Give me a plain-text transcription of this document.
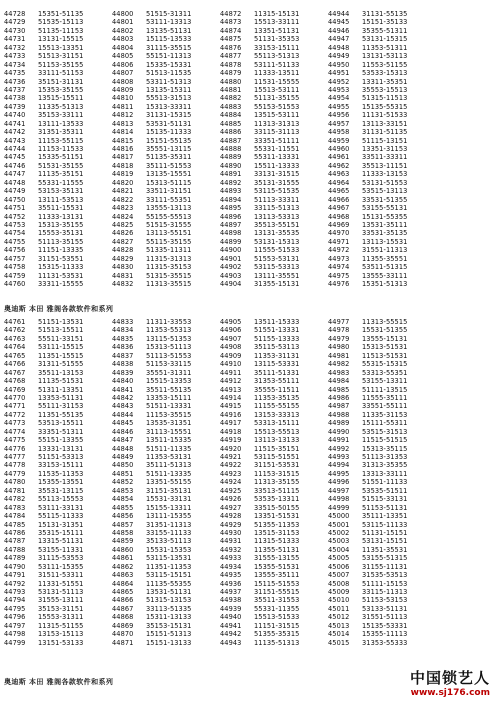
44728
44729
44730
44731
44732
44733
44734
44735
44736
44737
44738
44739
44740
44741
44742
44743
44744
44745
44746
44747
44748
44749
44750
44751
44752
44753
44754
44755
44756
44757
44758
44759
44760
15351-51135
51535-15113
51135-11153
13131-15515
15513-13351
51513-31151
51153-35155
33111-51153
35151-31131
15353-35155
13515-15511
11335-51313
35153-33111
13111-13533
31351-35311
11153-55115
11153-11533
15335-51151
51531-35155
11135-35151
55331-11555
53153-35131
13111-53513
35511-15531
11333-13131
15313-35155
15553-35131
51113-35155
11151-13335
31151-53551
15315-11333
11131-53531
33311-15555
44800
44801
44802
44803
44804
44805
44806
44807
44808
44809
44810
44811
44812
44813
44814
44815
44816
44817
44818
44819
44820
44821
44822
44823
44824
44825
44826
44827
44828
44829
44830
44831
44832
51515-31311
53111-13313
13135-51131
15115-13533
31115-35515
55151-11313
15335-15331
51513-11535
53311-51313
13135-15311
55513-31513
15313-33311
31131-15315
53531-51131
15135-11333
15151-55135
35551-13115
51135-35311
35111-51553
13135-15551
15313-51115
33511-31151
33111-55351
13555-13113
55155-55513
51515-31555
13113-55151
55115-35155
51335-11311
11315-31313
11315-35153
51315-35515
11313-35515
44872
44873
44874
44875
44876
44877
44878
44879
44880
44881
44882
44883
44884
44885
44886
44887
44888
44889
44890
44891
44892
44893
44894
44895
44896
44897
44898
44899
44900
44901
44902
44903
44904
11315-15131
15513-33111
13351-51131
51131-35353
33153-15111
55113-51313
53111-51133
11333-13511
11531-15555
15513-53111
51131-35155
55153-51553
13515-53111
11313-31313
33115-31113
33351-51111
55331-11551
55311-13331
15511-13333
33131-31515
35131-31555
53115-51535
51113-33311
33115-51313
13113-53313
35513-55151
13131-35535
53131-15313
11555-51533
51553-53131
53115-53313
13111-35551
31355-15131
44944
44945
44946
44947
44948
44949
44950
44951
44952
44953
44954
44955
44956
44957
44958
44959
44960
44961
44962
44963
44964
44965
44966
44967
44968
44969
44970
44971
44972
44973
44974
44975
44976
31131-55135
15151-35133
35355-51311
53131-15315
11353-51311
13131-53113
11553-51155
53533-15313
13311-35351
35553-15513
51315-11513
15135-55315
11131-51533
13113-33151
31131-51135
51115-13151
13351-31153
33511-33311
35513-11151
11333-13153
53131-51553
53515-13113
33531-51355
53155-55131
15131-55355
13531-35111
33531-35135
13113-15531
31551-11313
11355-35551
53511-51315
13555-33111
15351-51313
奥迪斯 本田 雅阁各款软件和系列
44761
44762
44763
44764
44765
44766
44767
44768
44769
44770
44771
44772
44773
44774
44775
44776
44777
44778
44779
44780
44781
44782
44783
44784
44785
44786
44787
44788
44789
44790
44791
44792
44793
44794
44795
44796
44797
44798
44799
51151-13531
51513-15511
55511-33151
53111-15515
11351-15515
31311-51555
35511-13153
11135-51531
51311-13351
13353-51131
55111-31153
11351-55135
53513-15511
33351-51311
55151-13355
13331-13131
51151-53313
33153-15111
11535-11353
15355-13551
35531-13115
55113-15553
53111-33131
55115-11333
15131-31351
35315-15111
13315-51131
53155-11331
31115-53553
53111-15355
31511-53311
11331-51551
53131-51113
31555-13111
35153-31151
15553-31311
11315-51155
13153-15113
13151-53133
44833
44834
44835
44836
44837
44838
44839
44840
44841
44842
44843
44844
44845
44846
44847
44848
44849
44850
44851
44852
44853
44854
44855
44856
44857
44858
44859
44860
44861
44862
44863
44864
44865
44866
44867
44868
44869
44870
44871
11311-33553
11353-55313
13115-51353
15313-51113
51113-51553
51153-33115
35551-31311
15515-13353
35511-55135
13353-15111
51511-13331
11153-35515
13535-31351
31113-15551
13511-15335
51511-11335
11353-53131
35111-51313
51511-13335
13351-55155
31151-35131
15531-33131
15155-13311
13111-15355
31351-11313
33155-11133
35133-51113
15531-15353
53115-13531
11351-11353
53115-15151
11135-55355
13531-51131
51315-13153
33113-51335
15311-13133
35153-15131
15151-51313
15151-13133
44905
44906
44907
44908
44909
44910
44911
44912
44913
44914
44915
44916
44917
44918
44919
44920
44921
44922
44923
44924
44925
44926
44927
44928
44929
44930
44931
44932
44933
44934
44935
44936
44937
44938
44939
44940
44941
44942
44943
13511-15333
51551-13331
51155-13333
35115-53113
11353-31131
13115-53331
35111-51331
31353-55111
35555-11511
11353-35135
11155-55155
13153-33313
53313-15111
15513-55513
13113-13133
11515-35151
53115-51551
31151-53531
11153-31515
11313-35155
33513-51115
53535-13311
33515-50155
13351-51531
51355-11353
13515-31153
11315-51333
11355-51131
31555-13155
15355-51531
13555-35111
15115-51553
31151-55515
35511-31553
55331-11355
15513-51533
11151-31515
51355-35315
11135-51313
44977
44978
44979
44980
44981
44982
44983
44984
44985
44986
44987
44988
44989
44990
44991
44992
44993
44994
44995
44996
44997
44998
44999
45000
45001
45002
45003
45004
45005
45006
45007
45008
45009
45010
45011
45012
45013
45014
45015
11313-55515
15531-51355
13555-15131
15313-51531
11513-51531
55315-15315
53313-55351
53155-13311
51111-13515
11555-35111
33551-55111
11335-31153
15111-55311
53515-31513
11515-51515
15313-35115
51113-31353
31313-35355
13313-33111
51551-11133
53535-51511
51515-33131
51153-51131
35111-13351
53115-11133
51131-15151
53131-15151
11351-35531
53155-51315
31155-11131
31535-53513
51111-15153
33115-11313
51153-53153
53133-51131
31551-51113
15135-53331
15355-11113
31353-55333
奥迪斯 本田 雅阁各款软件和系列	中国锁艺人
www.sj176.com
